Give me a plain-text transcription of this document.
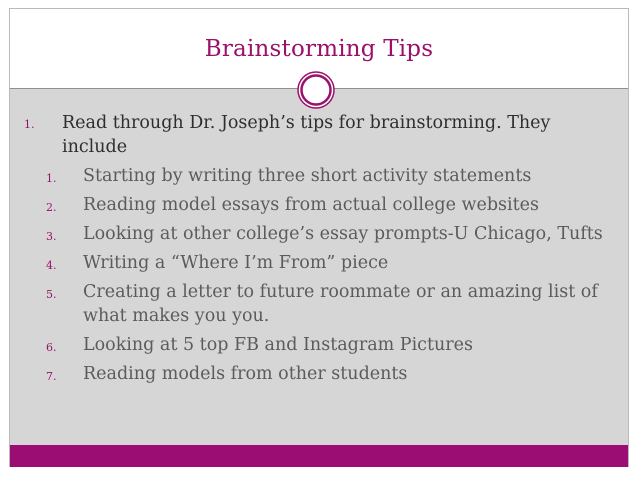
Brainstorming Tips
1. Read through Dr. Joseph’s tips for brainstorming. They include
1. Starting by writing three short activity statements
2. Reading model essays from actual college websites
3. Looking at other college’s essay prompts-U Chicago, Tufts
4. Writing a “Where I’m From” piece
5. Creating a letter to future roommate or an amazing list of what makes you you.
6. Looking at 5 top FB and Instagram Pictures
7. Reading models from other students
